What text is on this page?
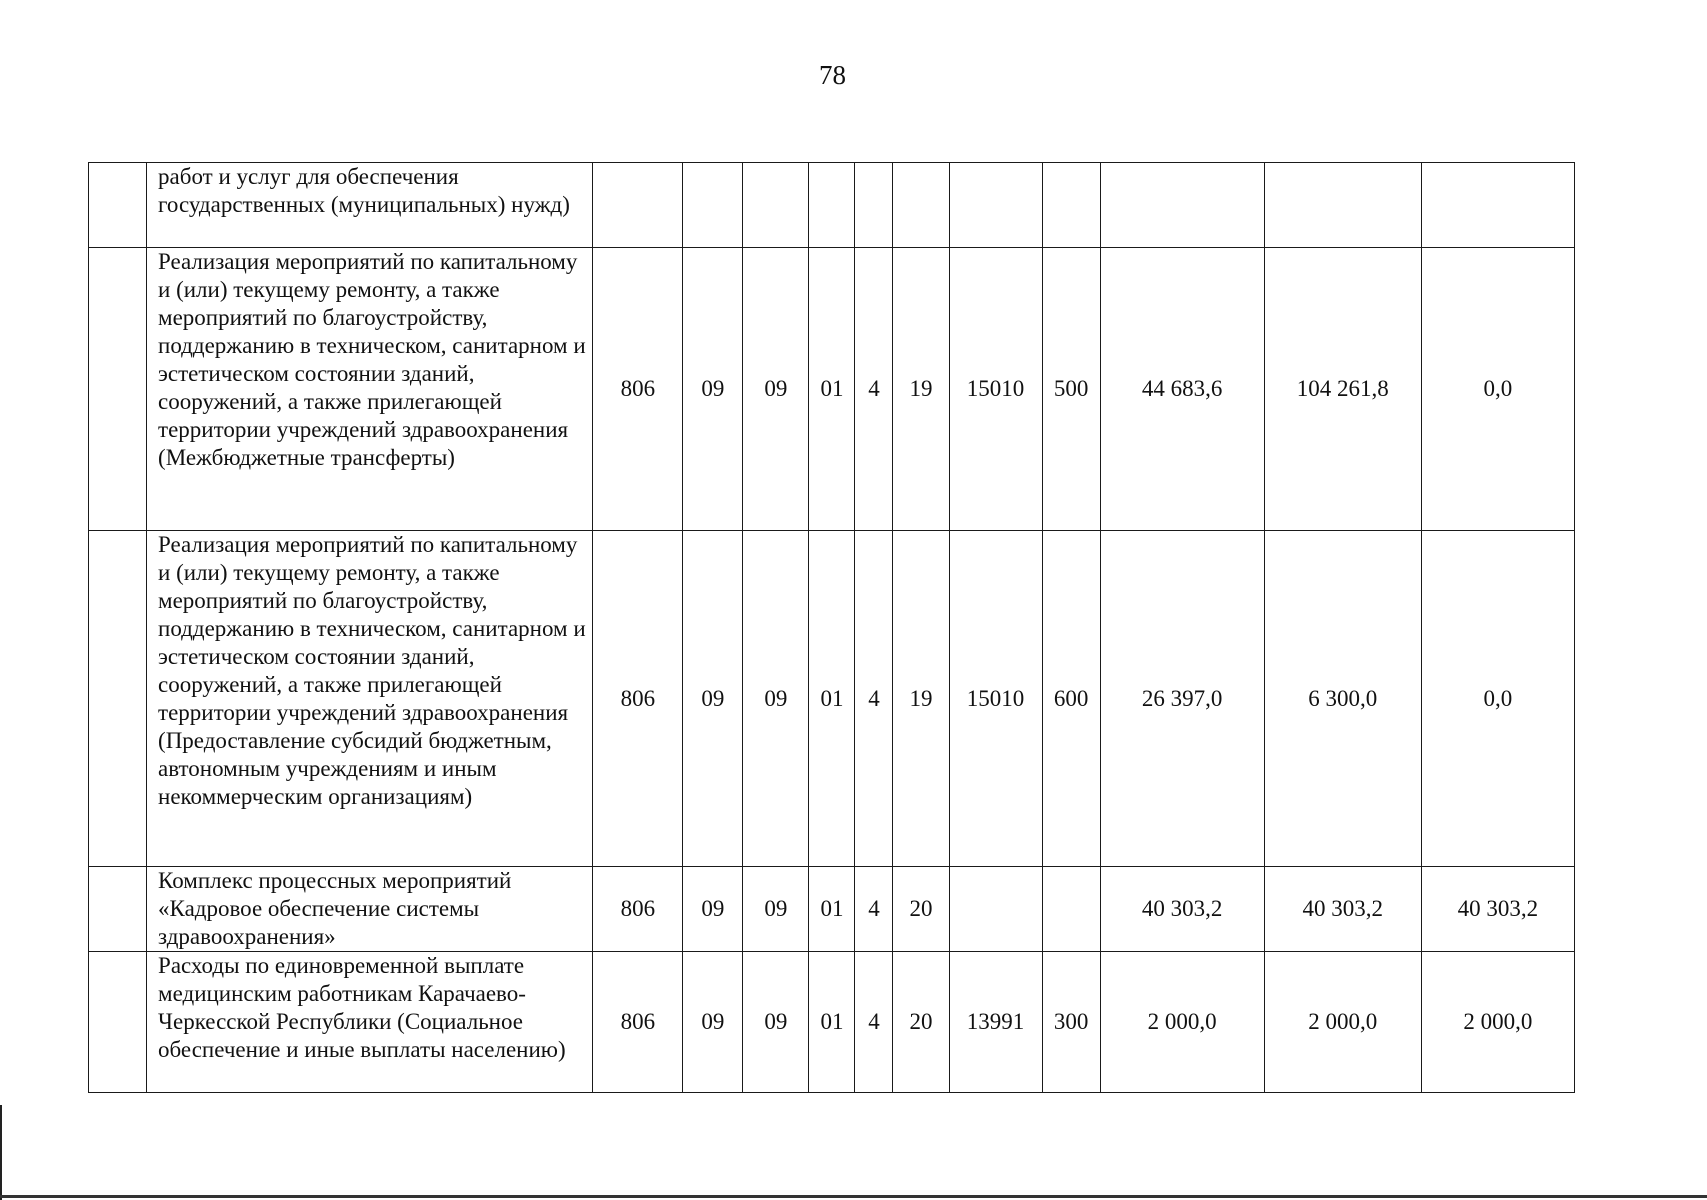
78
	работ и услуг для обеспечения государственных (муниципальных) нужд)											
	Реализация мероприятий по капитальному и (или) текущему ремонту, а также мероприятий по благоустройству, поддержанию в техническом, санитарном и эстетическом состоянии зданий, сооружений, а также прилегающей территории учреждений здравоохранения (Межбюджетные трансферты)	806	09	09	01	4	19	15010	500	44 683,6	104 261,8	0,0
	Реализация мероприятий по капитальному и (или) текущему ремонту, а также мероприятий по благоустройству, поддержанию в техническом, санитарном и эстетическом состоянии зданий, сооружений, а также прилегающей территории учреждений здравоохранения (Предоставление субсидий бюджетным, автономным учреждениям и иным некоммерческим организациям)	806	09	09	01	4	19	15010	600	26 397,0	6 300,0	0,0
	Комплекс процессных мероприятий «Кадровое обеспечение системы здравоохранения»	806	09	09	01	4	20			40 303,2	40 303,2	40 303,2
	Расходы по единовременной выплате медицинским работникам Карачаево-Черкесской Республики (Социальное обеспечение и иные выплаты населению)	806	09	09	01	4	20	13991	300	2 000,0	2 000,0	2 000,0
